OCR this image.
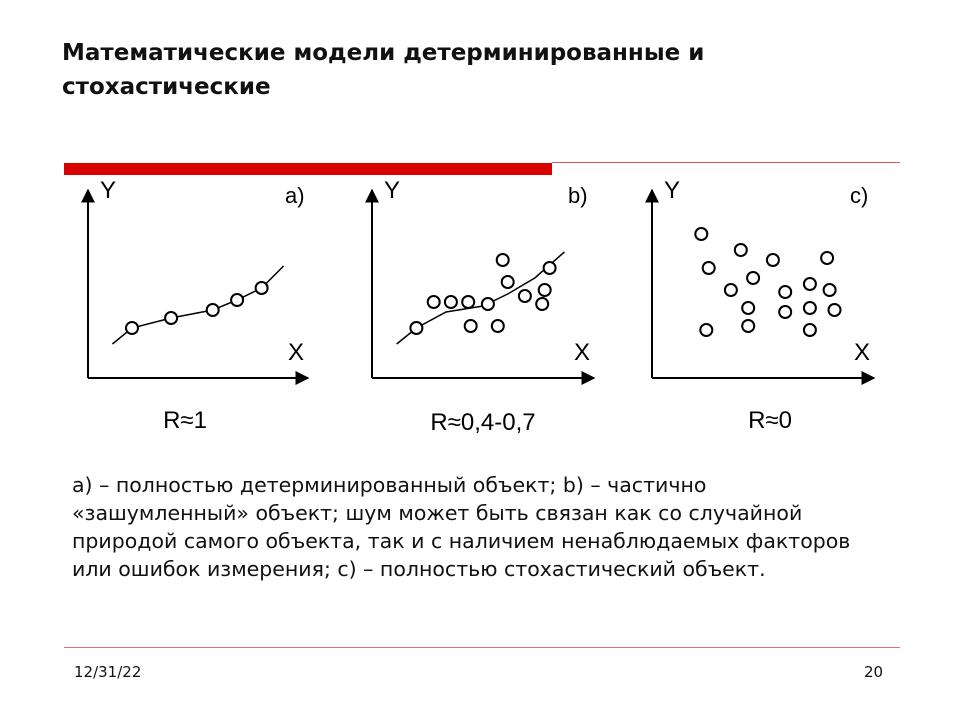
Математические модели детерминированные и стохастические
Y
X
a)
R≈1
Y
X
b)
R≈0,4-0,7
Y
X
c)
R≈0
a) – полностью детерминированный объект; b) – частично «зашумленный» объект; шум может быть связан как со случайной природой самого объекта, так и с наличием ненаблюдаемых факторов или ошибок измерения; c) – полностью стохастический объект.
12/31/22	20
